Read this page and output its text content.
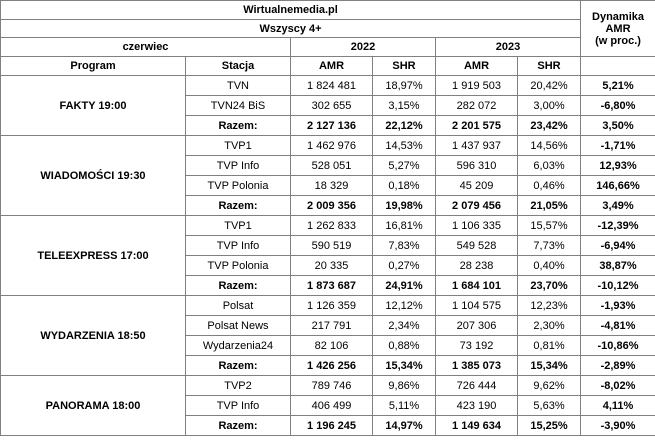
Wirtualnemedia.pl						Dynamika
AMR
(w proc.)

Wszyscy 4+						
czerwiec		2022		2023		
Program	Stacja	AMR	SHR	AMR	SHR	
FAKTY 19:00	TVN	1 824 481	18,97%	1 919 503	20,42%	5,21%
	TVN24 BiS	302 655	3,15%	282 072	3,00%	-6,80%
	Razem:	2 127 136	22,12%	2 201 575	23,42%	3,50%
WIADOMOŚCI 19:30	TVP1	1 462 976	14,53%	1 437 937	14,56%	-1,71%
	TVP Info	528 051	5,27%	596 310	6,03%	12,93%
	TVP Polonia	18 329	0,18%	45 209	0,46%	146,66%
	Razem:	2 009 356	19,98%	2 079 456	21,05%	3,49%
TELEEXPRESS 17:00	TVP1	1 262 833	16,81%	1 106 335	15,57%	-12,39%
	TVP Info	590 519	7,83%	549 528	7,73%	-6,94%
	TVP Polonia	20 335	0,27%	28 238	0,40%	38,87%
	Razem:	1 873 687	24,91%	1 684 101	23,70%	-10,12%
WYDARZENIA 18:50	Polsat	1 126 359	12,12%	1 104 575	12,23%	-1,93%
	Polsat News	217 791	2,34%	207 306	2,30%	-4,81%
	Wydarzenia24	82 106	0,88%	73 192	0,81%	-10,86%
	Razem:	1 426 256	15,34%	1 385 073	15,34%	-2,89%
PANORAMA 18:00	TVP2	789 746	9,86%	726 444	9,62%	-8,02%
	TVP Info	406 499	5,11%	423 190	5,63%	4,11%
	Razem:	1 196 245	14,97%	1 149 634	15,25%	-3,90%
